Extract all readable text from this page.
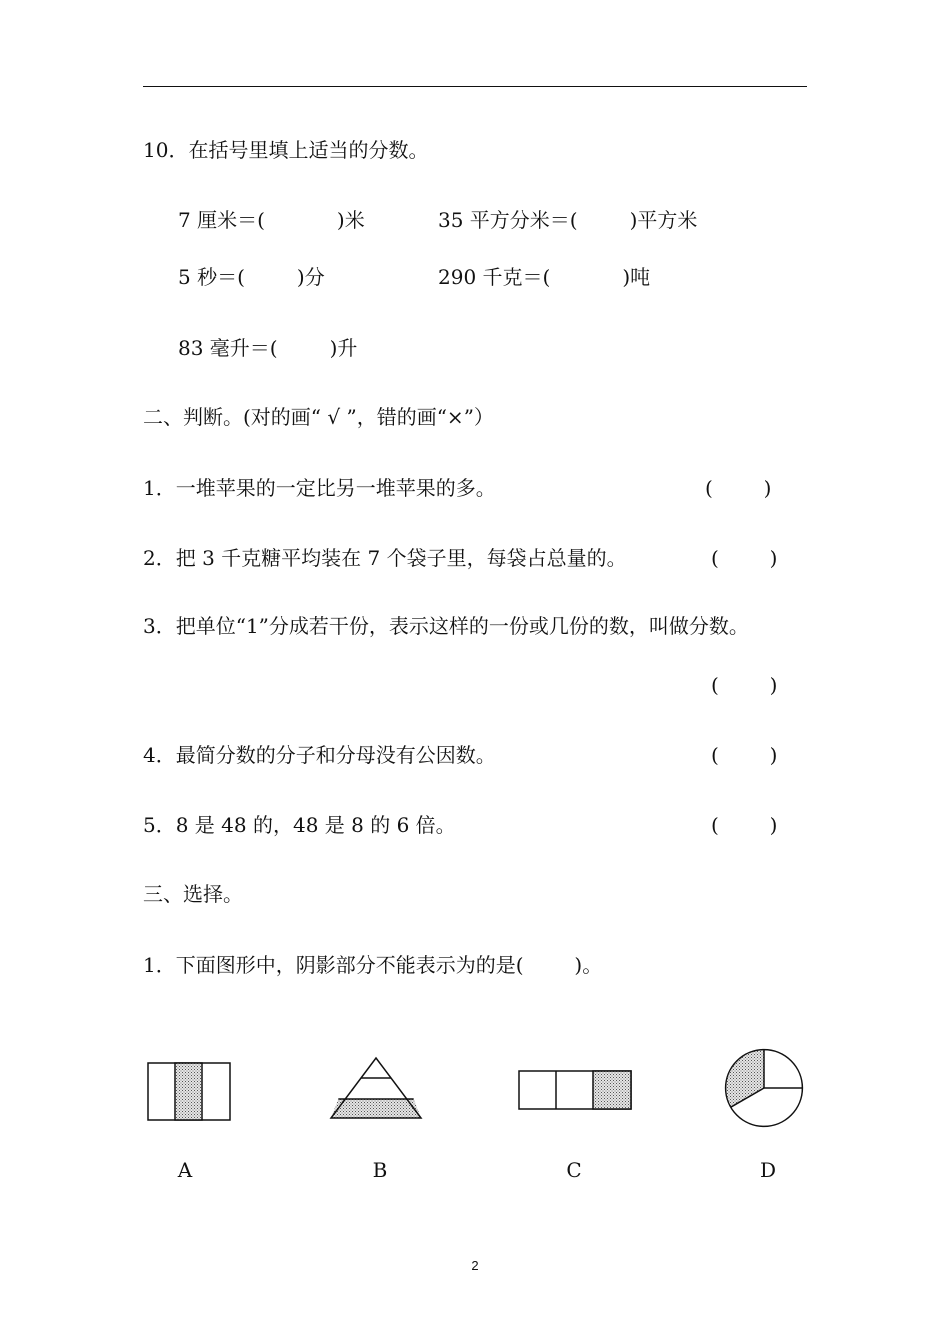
10．在括号里填上适当的分数。
7 厘米＝(	)米	35 平方分米＝(	)平方米
5 秒＝(	)分	290 千克＝(	)吨
83 毫升＝(	)升
二、判断。(对的画“ √ ”，错的画“×”）
1．一堆苹果的一定比另一堆苹果的多。	(        )
2．把 3 千克糖平均装在 7 个袋子里，每袋占总量的。	(        )
3．把单位“1”分成若干份，表示这样的一份或几份的数，叫做分数。
(        )
4．最简分数的分子和分母没有公因数。	(        )
5．8 是 48 的，48 是 8 的 6 倍。	(        )
三、选择。
1．下面图形中，阴影部分不能表示为的是(        )。
A	B	C	D
2
